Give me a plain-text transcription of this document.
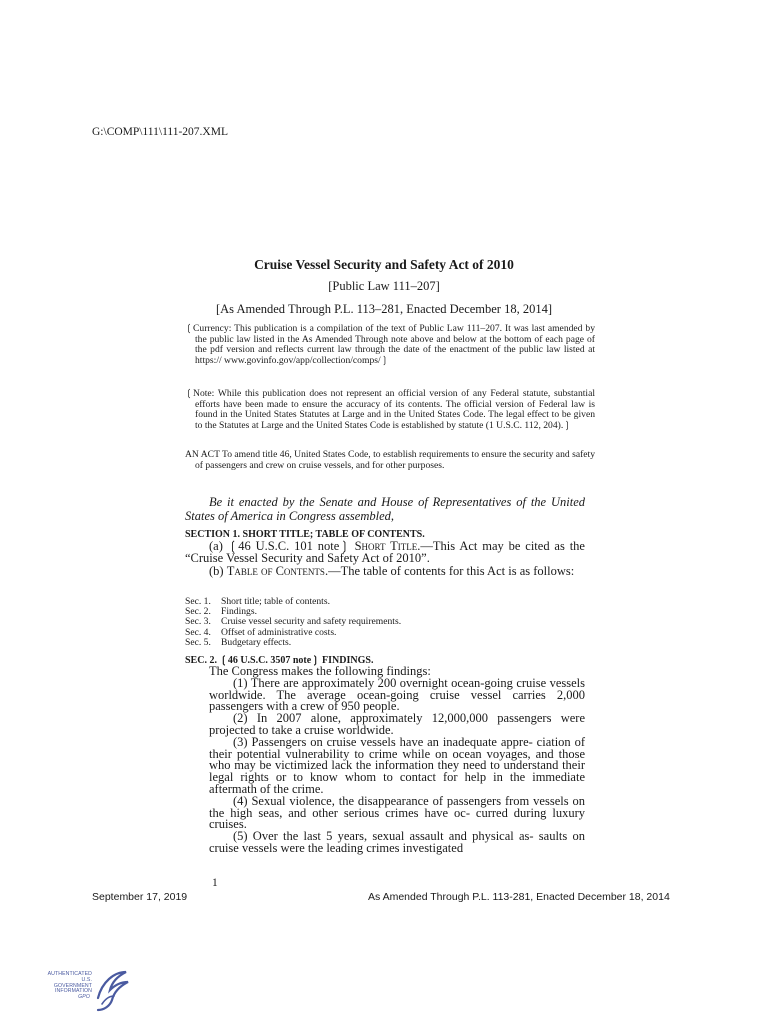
G:\COMP\111\111-207.XML
Cruise Vessel Security and Safety Act of 2010
[Public Law 111–207]
[As Amended Through P.L. 113–281, Enacted December 18, 2014]
❲Currency: This publication is a compilation of the text of Public Law 111–207. It was last amended by the public law listed in the As Amended Through note above and below at the bottom of each page of the pdf version and reflects current law through the date of the enactment of the public law listed at https:// www.govinfo.gov/app/collection/comps/❳
❲Note: While this publication does not represent an official version of any Federal statute, substantial efforts have been made to ensure the accuracy of its contents. The official version of Federal law is found in the United States Statutes at Large and in the United States Code. The legal effect to be given to the Statutes at Large and the United States Code is established by statute (1 U.S.C. 112, 204).❳
AN ACT To amend title 46, United States Code, to establish requirements to ensure the security and safety of passengers and crew on cruise vessels, and for other purposes.
Be it enacted by the Senate and House of Representatives of the United States of America in Congress assembled,
SECTION 1. SHORT TITLE; TABLE OF CONTENTS.
(a) ❲46 U.S.C. 101 note❳ Short Title.—This Act may be cited as the “Cruise Vessel Security and Safety Act of 2010”.
(b) Table of Contents.—The table of contents for this Act is as follows:
Sec. 1.	Short title; table of contents.
Sec. 2.	Findings.
Sec. 3.	Cruise vessel security and safety requirements.
Sec. 4.	Offset of administrative costs.
Sec. 5.	Budgetary effects.
SEC. 2. ❲46 U.S.C. 3507 note❳ FINDINGS.

The Congress makes the following findings:

(1) There are approximately 200 overnight ocean-going cruise vessels worldwide. The average ocean-going cruise vessel carries 2,000 passengers with a crew of 950 people.

(2) In 2007 alone, approximately 12,000,000 passengers were projected to take a cruise worldwide.

(3) Passengers on cruise vessels have an inadequate appre- ciation of their potential vulnerability to crime while on ocean voyages, and those who may be victimized lack the information they need to understand their legal rights or to know whom to contact for help in the immediate aftermath of the crime.

(4) Sexual violence, the disappearance of passengers from vessels on the high seas, and other serious crimes have oc- curred during luxury cruises.

(5) Over the last 5 years, sexual assault and physical as- saults on cruise vessels were the leading crimes investigated

1
September 17, 2019	As Amended Through P.L. 113-281, Enacted December 18, 2014
AUTHENTICATED
U.S. GOVERNMENT
INFORMATION
GPO
